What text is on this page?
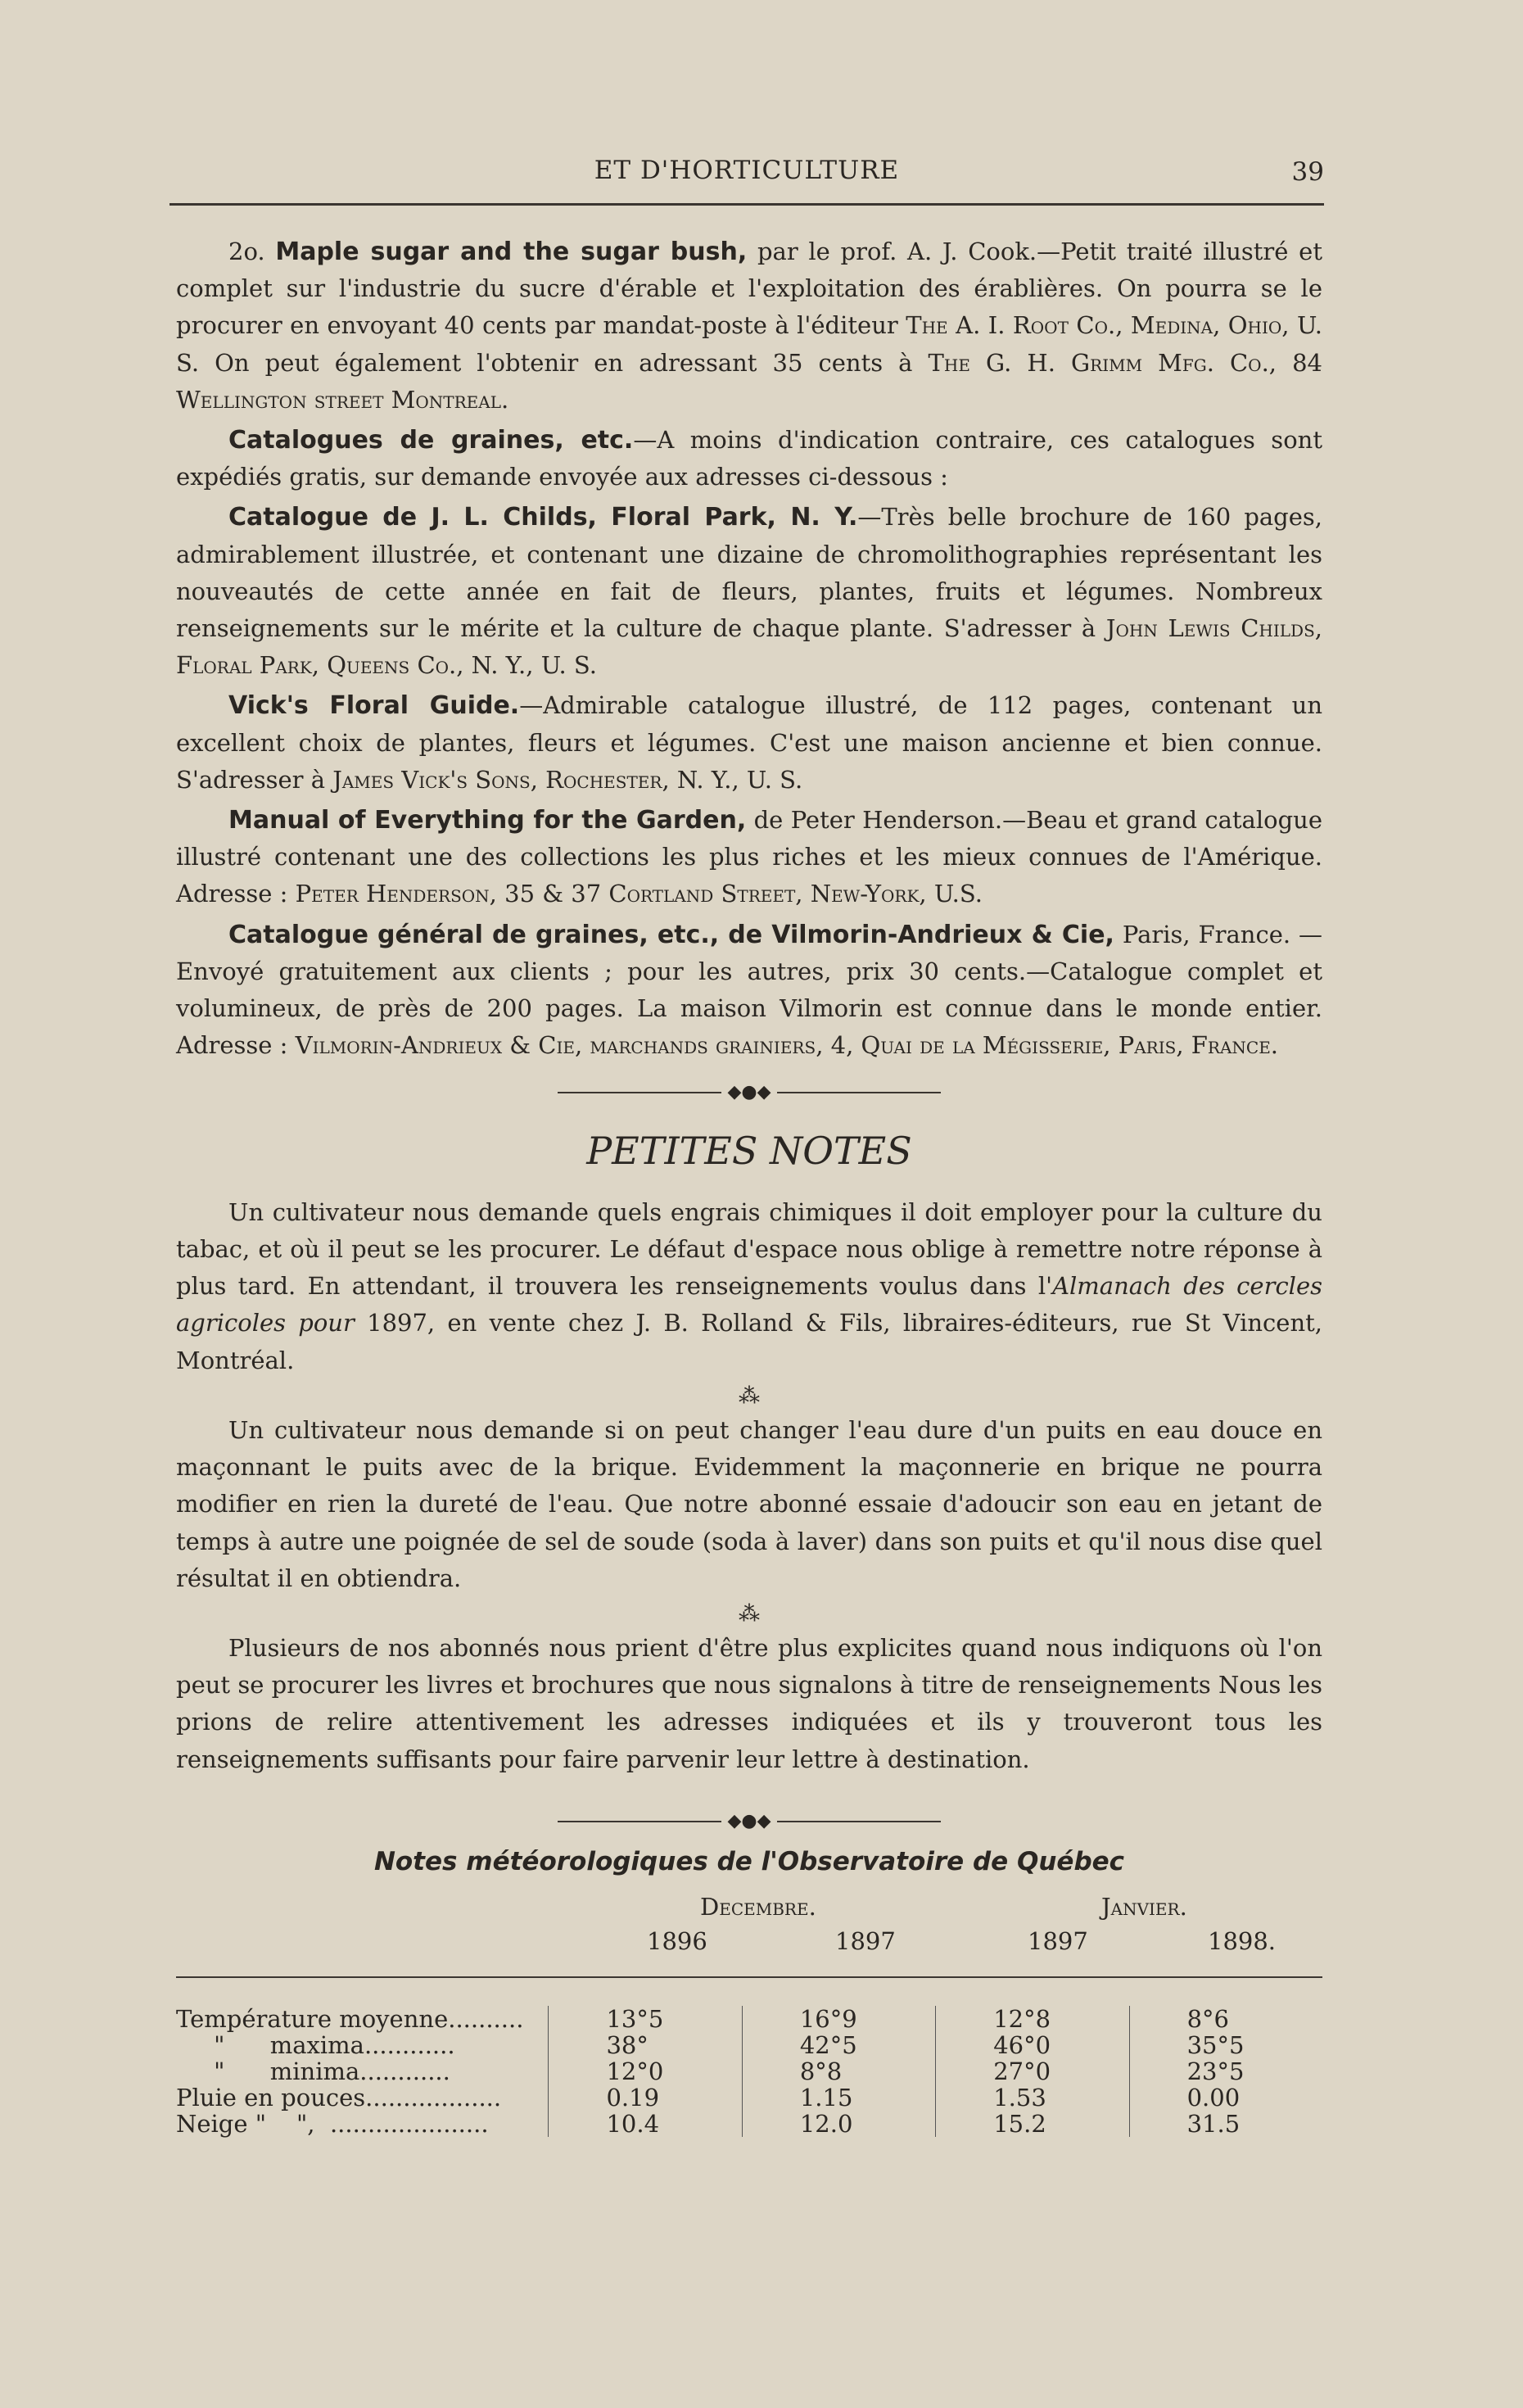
ET D'HORTICULTURE	39

2o. Maple sugar and the sugar bush, par le prof. A. J. Cook.—Petit traité illustré et complet sur l'industrie du sucre d'érable et l'exploitation des érablières. On pourra se le procurer en envoyant 40 cents par mandat-poste à l'éditeur The A. I. Root Co., Medina, Ohio, U. S. On peut également l'obtenir en adressant 35 cents à The G. H. Grimm Mfg. Co., 84 Wellington street Montreal.

Catalogues de graines, etc.—A moins d'indication contraire, ces catalogues sont expédiés gratis, sur demande envoyée aux adresses ci-dessous :

Catalogue de J. L. Childs, Floral Park, N. Y.—Très belle brochure de 160 pages, admirablement illustrée, et contenant une dizaine de chromolithographies représentant les nouveautés de cette année en fait de fleurs, plantes, fruits et légumes. Nombreux renseignements sur le mérite et la culture de chaque plante. S'adresser à John Lewis Childs, Floral Park, Queens Co., N. Y., U. S.

Vick's Floral Guide.—Admirable catalogue illustré, de 112 pages, contenant un excellent choix de plantes, fleurs et légumes. C'est une maison ancienne et bien connue. S'adresser à James Vick's Sons, Rochester, N. Y., U. S.

Manual of Everything for the Garden, de Peter Henderson.—Beau et grand catalogue illustré contenant une des collections les plus riches et les mieux connues de l'Amérique. Adresse : Peter Henderson, 35 & 37 Cortland Street, New-York, U.S.

Catalogue général de graines, etc., de Vilmorin-Andrieux & Cie, Paris, France. —Envoyé gratuitement aux clients ; pour les autres, prix 30 cents.—Catalogue complet et volumineux, de près de 200 pages. La maison Vilmorin est connue dans le monde entier. Adresse : Vilmorin-Andrieux & Cie, marchands grainiers, 4, Quai de la Mégisserie, Paris, France.

◆●◆
PETITES NOTES

Un cultivateur nous demande quels engrais chimiques il doit employer pour la culture du tabac, et où il peut se les procurer. Le défaut d'espace nous oblige à remettre notre réponse à plus tard. En attendant, il trouvera les renseignements voulus dans l'Almanach des cercles agricoles pour 1897, en vente chez J. B. Rolland & Fils, libraires-éditeurs, rue St Vincent, Montréal.

⁂

Un cultivateur nous demande si on peut changer l'eau dure d'un puits en eau douce en maçonnant le puits avec de la brique. Evidemment la maçonnerie en brique ne pourra modifier en rien la dureté de l'eau. Que notre abonné essaie d'adoucir son eau en jetant de temps à autre une poignée de sel de soude (soda à laver) dans son puits et qu'il nous dise quel résultat il en obtiendra.

⁂

Plusieurs de nos abonnés nous prient d'être plus explicites quand nous indiquons où l'on peut se procurer les livres et brochures que nous signalons à titre de renseignements Nous les prions de relire attentivement les adresses indiquées et ils y trouveront tous les renseignements suffisants pour faire parvenir leur lettre à destination.

◆●◆
Notes météorologiques de l'Observatoire de Québec
Decembre.	Janvier.
1896	1897	1897	1898.
Température moyenne..........	13°5	16°9	12°8	8°6
"      maxima............	38°	42°5	46°0	35°5
"      minima............	12°0	8°8	27°0	23°5
Pluie en pouces..................	0.19	1.15	1.53	0.00
Neige "    ",  .....................	10.4	12.0	15.2	31.5
